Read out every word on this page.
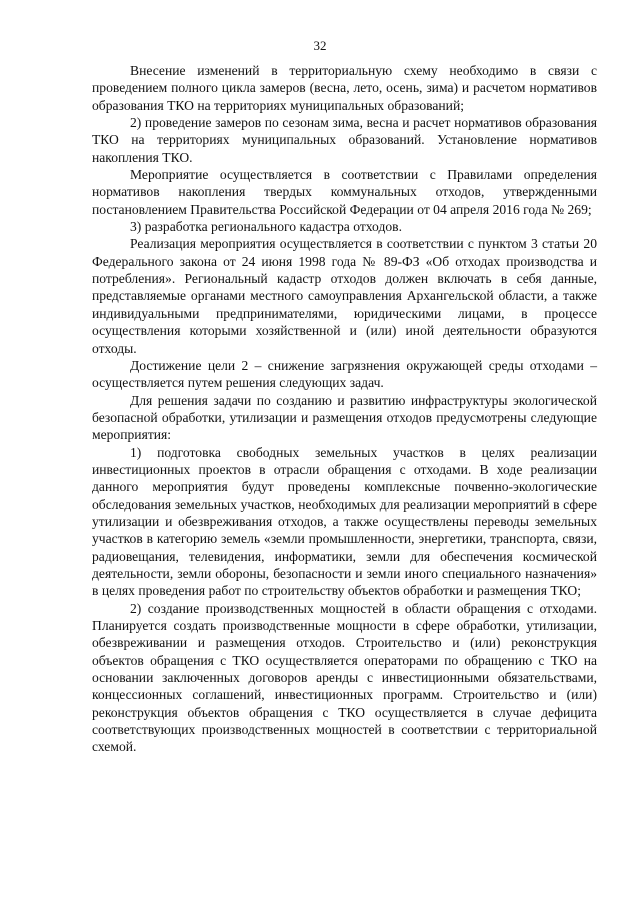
32

Внесение изменений в территориальную схему необходимо в связи с проведением полного цикла замеров (весна, лето, осень, зима) и расчетом нормативов образования ТКО на территориях муниципальных образований;

2) проведение замеров по сезонам зима, весна и расчет нормативов образования ТКО на территориях муниципальных образований. Установление нормативов накопления ТКО.

Мероприятие осуществляется в соответствии с Правилами определения нормативов накопления твердых коммунальных отходов, утвержденными постановлением Правительства Российской Федерации от 04 апреля 2016 года № 269;

3) разработка регионального кадастра отходов.

Реализация мероприятия осуществляется в соответствии с пунктом 3 статьи 20 Федерального закона от 24 июня 1998 года № 89-ФЗ «Об отходах производства и потребления». Региональный кадастр отходов должен включать в себя данные, представляемые органами местного самоуправления Архангельской области, а также индивидуальными предпринимателями, юридическими лицами, в процессе осуществления которыми хозяйственной и (или) иной деятельности образуются отходы.

Достижение цели 2 – снижение загрязнения окружающей среды отходами – осуществляется путем решения следующих задач.

Для решения задачи по созданию и развитию инфраструктуры экологической безопасной обработки, утилизации и размещения отходов предусмотрены следующие мероприятия:

1) подготовка свободных земельных участков в целях реализации инвестиционных проектов в отрасли обращения с отходами. В ходе реализации данного мероприятия будут проведены комплексные почвенно-экологические обследования земельных участков, необходимых для реализации мероприятий в сфере утилизации и обезвреживания отходов, а также осуществлены переводы земельных участков в категорию земель «земли промышленности, энергетики, транспорта, связи, радиовещания, телевидения, информатики, земли для обеспечения космической деятельности, земли обороны, безопасности и земли иного специального назначения» в целях проведения работ по строительству объектов обработки и размещения ТКО;

2) создание производственных мощностей в области обращения с отходами. Планируется создать производственные мощности в сфере обработки, утилизации, обезвреживании и размещения отходов. Строительство и (или) реконструкция объектов обращения с ТКО осуществляется операторами по обращению с ТКО на основании заключенных договоров аренды с инвестиционными обязательствами, концессионных соглашений, инвестиционных программ. Строительство и (или) реконструкция объектов обращения с ТКО осуществляется в случае дефицита соответствующих производственных мощностей в соответствии с территориальной схемой.
